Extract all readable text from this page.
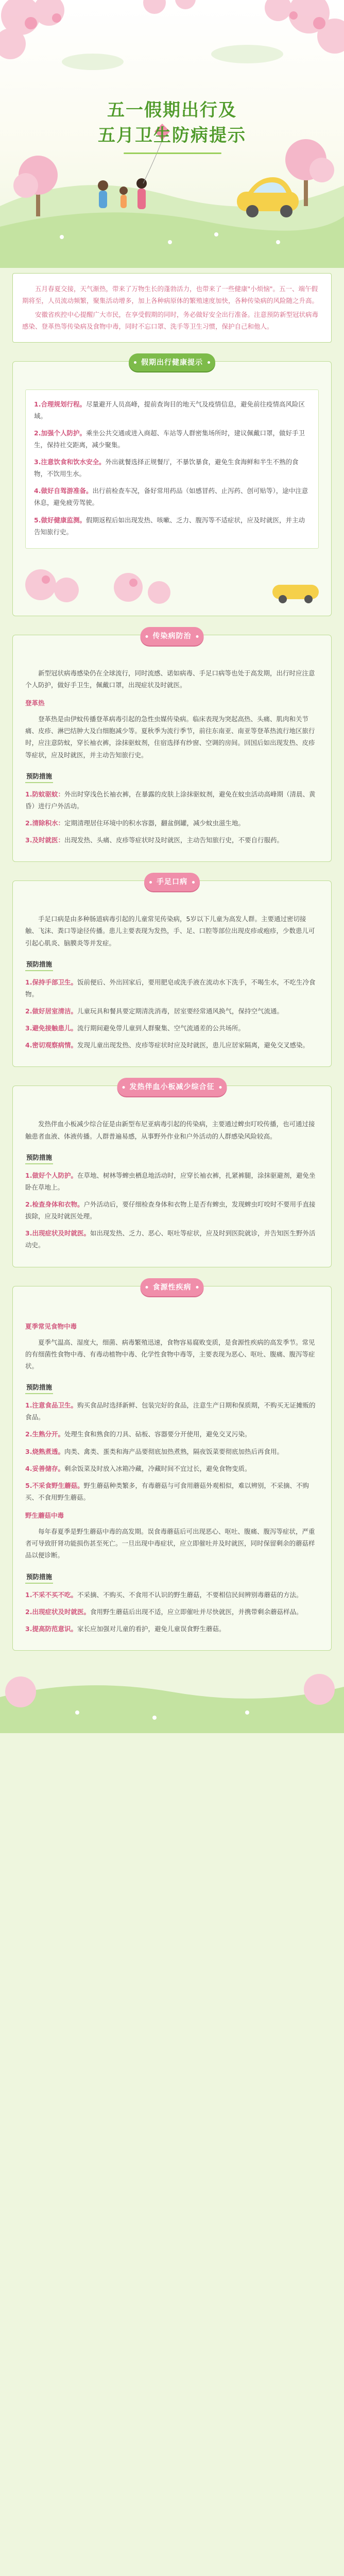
五一假期出行及
五月卫生防病提示

五月春夏交接，天气渐热，带来了万物生长的蓬勃活力，也带来了一些健康"小烦恼"。五一、端午假期将至，人员流动频繁，聚集活动增多，加上各种病原体的繁殖速度加快，各种传染病的风险随之升高。

安徽省疾控中心提醒广大市民，在享受假期的同时，务必做好安全出行准备。注意预防新型冠状病毒感染、登革热等传染病及食物中毒，同时不忘口罩、洗手等卫生习惯，保护自己和他人。

假期出行健康提示
1.合理规划行程。尽量避开人员高峰，提前查询目的地天气及疫情信息，避免前往疫情高风险区域。
2.加强个人防护。乘坐公共交通或进入商超、车站等人群密集场所时，建议佩戴口罩，做好手卫生，保持社交距离，减少聚集。
3.注意饮食和饮水安全。外出就餐选择正规餐厅，不暴饮暴食，避免生食海鲜和半生不熟的食物，不饮用生水。
4.做好自驾游准备。出行前检查车况，备好常用药品（如感冒药、止泻药、创可贴等），途中注意休息，避免疲劳驾驶。
5.做好健康监测。假期返程后如出现发热、咳嗽、乏力、腹泻等不适症状，应及时就医，并主动告知旅行史。
传染病防治

新型冠状病毒感染仍在全球流行，同时流感、诺如病毒、手足口病等也处于高发期，出行时应注意个人防护，做好手卫生，佩戴口罩，出现症状及时就医。

登革热

登革热是由伊蚊传播登革病毒引起的急性虫媒传染病。临床表现为突起高热、头痛、肌肉和关节痛、皮疹、淋巴结肿大及白细胞减少等。夏秋季为流行季节，前往东南亚、南亚等登革热流行地区旅行时，应注意防蚊，穿长袖衣裤，涂抹驱蚊剂，住宿选择有纱窗、空调的房间。回国后如出现发热、皮疹等症状，应及时就医，并主动告知旅行史。

预防措施
1.防蚊驱蚊：外出时穿浅色长袖衣裤，在暴露的皮肤上涂抹驱蚊剂，避免在蚊虫活动高峰期（清晨、黄昏）进行户外活动。
2.清除积水：定期清理居住环境中的积水容器，翻盆倒罐，减少蚊虫滋生地。
3.及时就医：出现发热、头痛、皮疹等症状时及时就医，主动告知旅行史，不要自行服药。
手足口病

手足口病是由多种肠道病毒引起的儿童常见传染病，5岁以下儿童为高发人群。主要通过密切接触、飞沫、粪口等途径传播。患儿主要表现为发热，手、足、口腔等部位出现皮疹或疱疹，少数患儿可引起心肌炎、脑膜炎等并发症。

预防措施
1.保持手部卫生。饭前便后、外出回家后，要用肥皂或洗手液在流动水下洗手，不喝生水，不吃生冷食物。
2.做好居室清洁。儿童玩具和餐具要定期清洗消毒，居室要经常通风换气，保持空气流通。
3.避免接触患儿。流行期间避免带儿童到人群聚集、空气流通差的公共场所。
4.密切观察病情。发现儿童出现发热、皮疹等症状时应及时就医，患儿应居家隔离，避免交叉感染。
发热伴血小板减少综合征

发热伴血小板减少综合征是由新型布尼亚病毒引起的传染病，主要通过蜱虫叮咬传播，也可通过接触患者血液、体液传播。人群普遍易感，从事野外作业和户外活动的人群感染风险较高。

预防措施
1.做好个人防护。在草地、树林等蜱虫栖息地活动时，应穿长袖衣裤，扎紧裤腿，涂抹驱避剂，避免坐卧在草地上。
2.检查身体和衣物。户外活动后，要仔细检查身体和衣物上是否有蜱虫，发现蜱虫叮咬时不要用手直接拔除，应及时就医处理。
3.出现症状及时就医。如出现发热、乏力、恶心、呕吐等症状，应及时到医院就诊，并告知医生野外活动史。
食源性疾病
夏季常见食物中毒

夏季气温高、湿度大，细菌、病毒繁殖迅速，食物容易腐败变质，是食源性疾病的高发季节。常见的有细菌性食物中毒、有毒动植物中毒、化学性食物中毒等，主要表现为恶心、呕吐、腹痛、腹泻等症状。

预防措施
1.注意食品卫生。购买食品时选择新鲜、包装完好的食品，注意生产日期和保质期，不购买无证摊贩的食品。
2.生熟分开。处理生食和熟食的刀具、砧板、容器要分开使用，避免交叉污染。
3.烧熟煮透。肉类、禽类、蛋类和海产品要彻底加热煮熟，隔夜饭菜要彻底加热后再食用。
4.妥善储存。剩余饭菜及时放入冰箱冷藏，冷藏时间不宜过长，避免食物变质。
5.不采食野生蘑菇。野生蘑菇种类繁多，有毒蘑菇与可食用蘑菇外观相似，难以辨别，不采摘、不购买、不食用野生蘑菇。
野生蘑菇中毒

每年春夏季是野生蘑菇中毒的高发期。误食毒蘑菇后可出现恶心、呕吐、腹痛、腹泻等症状，严重者可导致肝肾功能损伤甚至死亡。一旦出现中毒症状，应立即催吐并及时就医，同时保留剩余的蘑菇样品以便诊断。

预防措施
1.不采不买不吃。不采摘、不购买、不食用不认识的野生蘑菇，不要相信民间辨别毒蘑菇的方法。
2.出现症状及时就医。食用野生蘑菇后出现不适，应立即催吐并尽快就医，并携带剩余蘑菇样品。
3.提高防范意识。家长应加强对儿童的看护，避免儿童误食野生蘑菇。
